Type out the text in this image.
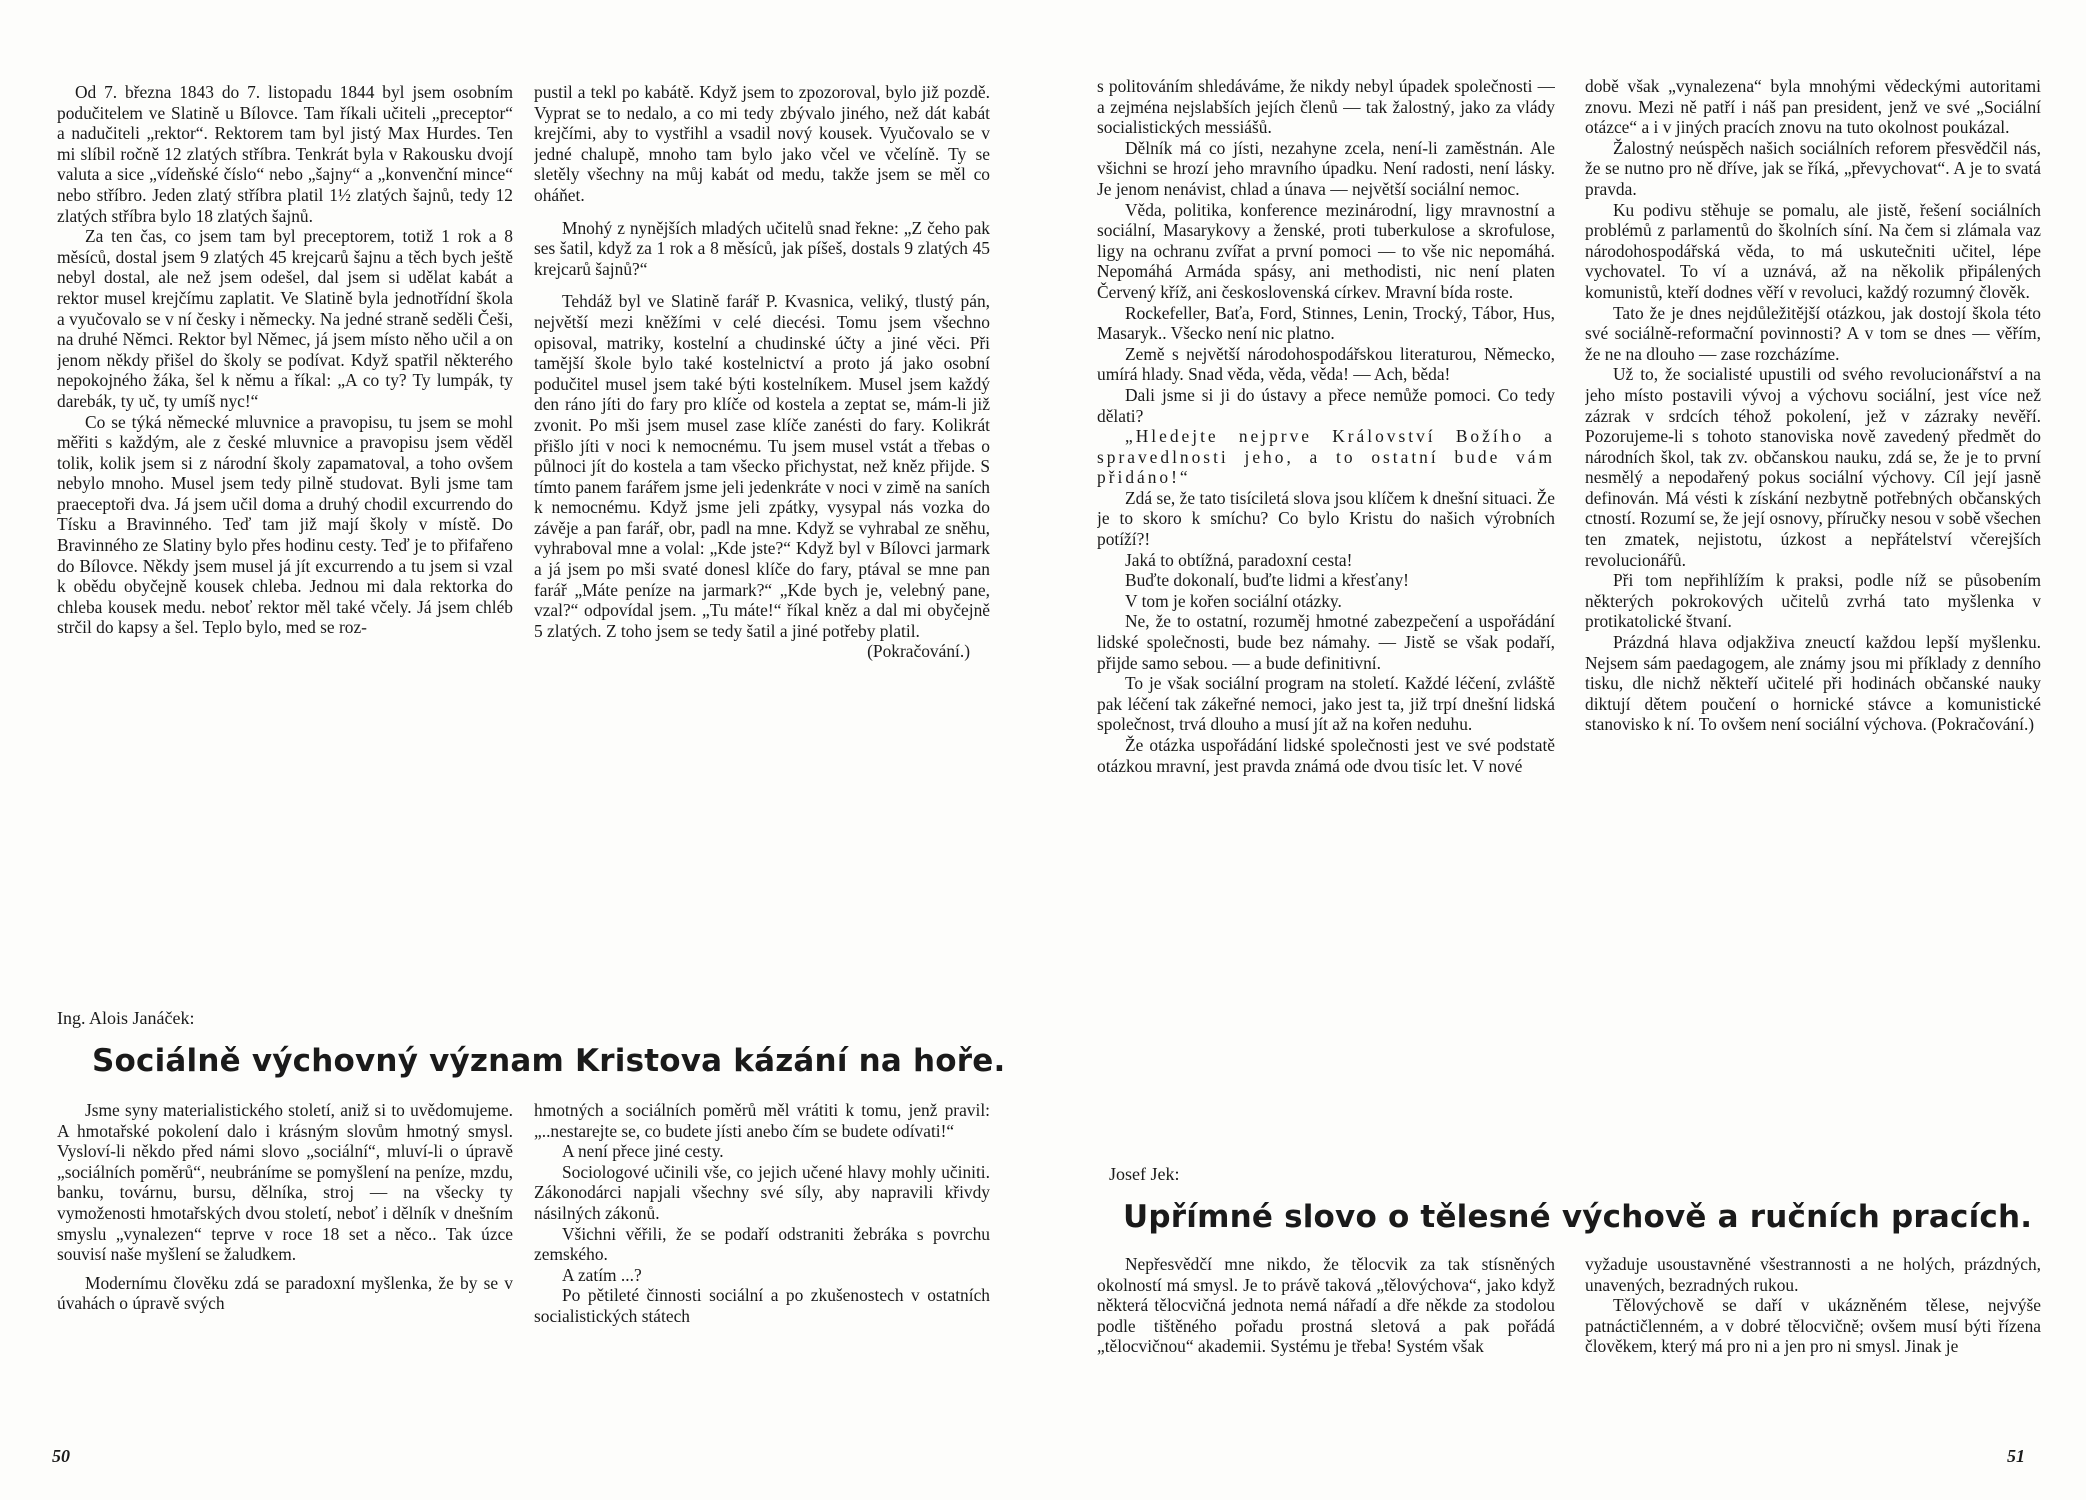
Od 7. března 1843 do 7. listopadu 1844 byl jsem osobním podučitelem ve Slatině u Bílovce. Tam říkali učiteli „preceptor“ a nadučiteli „rektor“. Rektorem tam byl jistý Max Hurdes. Ten mi slíbil ročně 12 zlatých stříbra. Tenkrát byla v Rakousku dvojí valuta a sice „vídeňské číslo“ nebo „šajny“ a „konvenční mince“ nebo stříbro. Jeden zlatý stříbra platil 1½ zlatých šajnů, tedy 12 zlatých stříbra bylo 18 zlatých šajnů.

Za ten čas, co jsem tam byl preceptorem, totiž 1 rok a 8 měsíců, dostal jsem 9 zlatých 45 krejcarů šajnu a těch bych ještě nebyl dostal, ale než jsem odešel, dal jsem si udělat kabát a rektor musel krejčímu zaplatit. Ve Slatině byla jednotřídní škola a vyučovalo se v ní česky i německy. Na jedné straně seděli Češi, na druhé Němci. Rektor byl Němec, já jsem místo něho učil a on jenom někdy přišel do školy se podívat. Když spatřil některého nepokojného žáka, šel k němu a říkal: „A co ty? Ty lumpák, ty darebák, ty uč, ty umíš nyc!“

Co se týká německé mluvnice a pravopisu, tu jsem se mohl měřiti s každým, ale z české mluvnice a pravopisu jsem věděl tolik, kolik jsem si z národní školy zapamatoval, a toho ovšem nebylo mnoho. Musel jsem tedy pilně studovat. Byli jsme tam praeceptoři dva. Já jsem učil doma a druhý chodil excurrendo do Tísku a Bravinného. Teď tam již mají školy v místě. Do Bravinného ze Slatiny bylo přes hodinu cesty. Teď je to přifařeno do Bílovce. Někdy jsem musel já jít excurrendo a tu jsem si vzal k obědu obyčejně kousek chleba. Jednou mi dala rektorka do chleba kousek medu. neboť rektor měl také včely. Já jsem chléb strčil do kapsy a šel. Teplo bylo, med se roz-

pustil a tekl po kabátě. Když jsem to zpozoroval, bylo již pozdě. Vyprat se to nedalo, a co mi tedy zbývalo jiného, než dát kabát krejčími, aby to vystřihl a vsadil nový kousek. Vyučovalo se v jedné chalupě, mnoho tam bylo jako včel ve včelíně. Ty se sletěly všechny na můj kabát od medu, takže jsem se měl co oháňet.

Mnohý z nynějších mladých učitelů snad řekne: „Z čeho pak ses šatil, když za 1 rok a 8 měsíců, jak píšeš, dostals 9 zlatých 45 krejcarů šajnů?“

Tehdáž byl ve Slatině farář P. Kvasnica, veliký, tlustý pán, největší mezi kněžími v celé diecési. Tomu jsem všechno opisoval, matriky, kostelní a chudinské účty a jiné věci. Při tamější škole bylo také kostelnictví a proto já jako osobní podučitel musel jsem také býti kostelníkem. Musel jsem každý den ráno jíti do fary pro klíče od kostela a zeptat se, mám-li již zvonit. Po mši jsem musel zase klíče zanésti do fary. Kolikrát přišlo jíti v noci k nemocnému. Tu jsem musel vstát a třebas o půlnoci jít do kostela a tam všecko přichystat, než kněz přijde. S tímto panem farářem jsme jeli jedenkráte v noci v zimě na saních k nemocnému. Když jsme jeli zpátky, vysypal nás vozka do závěje a pan farář, obr, padl na mne. Když se vyhrabal ze sněhu, vyhraboval mne a volal: „Kde jste?“ Když byl v Bílovci jarmark a já jsem po mši svaté donesl klíče do fary, ptával se mne pan farář „Máte peníze na jarmark?“ „Kde bych je, velebný pane, vzal?“ odpovídal jsem. „Tu máte!“ říkal kněz a dal mi obyčejně 5 zlatých. Z toho jsem se tedy šatil a jiné potřeby platil.

(Pokračování.)

Ing. Alois Janáček:
Sociálně výchovný význam Kristova kázání na hoře.

Jsme syny materialistického století, aniž si to uvědomujeme. A hmotařské pokolení dalo i krásným slovům hmotný smysl. Vysloví-li někdo před námi slovo „sociální“, mluví-li o úpravě „sociálních poměrů“, neubráníme se pomyšlení na peníze, mzdu, banku, továrnu, bursu, dělníka, stroj — na všecky ty vymoženosti hmotařských dvou století, neboť i dělník v dnešním smyslu „vynalezen“ teprve v roce 18 set a něco.. Tak úzce souvisí naše myšlení se žaludkem.

Modernímu člověku zdá se paradoxní myšlenka, že by se v úvahách o úpravě svých

hmotných a sociálních poměrů měl vrátiti k tomu, jenž pravil: „..nestarejte se, co budete jísti anebo čím se budete odívati!“

A není přece jiné cesty.

Sociologové učinili vše, co jejich učené hlavy mohly učiniti. Zákonodárci napjali všechny své síly, aby napravili křivdy násilných zákonů.

Všichni věřili, že se podaří odstraniti žebráka s povrchu zemského.

A zatím ...?

Po pětileté činnosti sociální a po zkušenostech v ostatních socialistických státech

50

s politováním shledáváme, že nikdy nebyl úpadek společnosti — a zejména nejslabších jejích členů — tak žalostný, jako za vlády socialistických messiášů.

Dělník má co jísti, nezahyne zcela, není-li zaměstnán. Ale všichni se hrozí jeho mravního úpadku. Není radosti, není lásky. Je jenom nenávist, chlad a únava — největší sociální nemoc.

Věda, politika, konference mezinárodní, ligy mravnostní a sociální, Masarykovy a ženské, proti tuberkulose a skrofulose, ligy na ochranu zvířat a první pomoci — to vše nic nepomáhá. Nepomáhá Armáda spásy, ani methodisti, nic není platen Červený kříž, ani československá církev. Mravní bída roste.

Rockefeller, Baťa, Ford, Stinnes, Lenin, Trocký, Tábor, Hus, Masaryk.. Všecko není nic platno.

Země s největší národohospodářskou literaturou, Německo, umírá hlady. Snad věda, věda, věda! — Ach, běda!

Dali jsme si ji do ústavy a přece nemůže pomoci. Co tedy dělati?

„Hledejte nejprve Království Božího a spravedlnosti jeho, a to ostatní bude vám přidáno!“

Zdá se, že tato tisíciletá slova jsou klíčem k dnešní situaci. Že je to skoro k smíchu? Co bylo Kristu do našich výrobních potíží?!

Jaká to obtížná, paradoxní cesta!

Buďte dokonalí, buďte lidmi a křesťany!

V tom je kořen sociální otázky.

Ne, že to ostatní, rozuměj hmotné zabezpečení a uspořádání lidské společnosti, bude bez námahy. — Jistě se však podaří, přijde samo sebou. — a bude definitivní.

To je však sociální program na století. Každé léčení, zvláště pak léčení tak zákeřné nemoci, jako jest ta, již trpí dnešní lidská společnost, trvá dlouho a musí jít až na kořen neduhu.

Že otázka uspořádání lidské společnosti jest ve své podstatě otázkou mravní, jest pravda známá ode dvou tisíc let. V nové

době však „vynalezena“ byla mnohými vědeckými autoritami znovu. Mezi ně patří i náš pan president, jenž ve své „Sociální otázce“ a i v jiných pracích znovu na tuto okolnost poukázal.

Žalostný neúspěch našich sociálních reforem přesvědčil nás, že se nutno pro ně dříve, jak se říká, „převychovat“. A je to svatá pravda.

Ku podivu stěhuje se pomalu, ale jistě, řešení sociálních problémů z parlamentů do školních síní. Na čem si zlámala vaz národohospodářská věda, to má uskutečniti učitel, lépe vychovatel. To ví a uznává, až na několik připálených komunistů, kteří dodnes věří v revoluci, každý rozumný člověk.

Tato že je dnes nejdůležitější otázkou, jak dostojí škola této své sociálně-reformační povinnosti? A v tom se dnes — věřím, že ne na dlouho — zase rozcházíme.

Už to, že socialisté upustili od svého revolucionářství a na jeho místo postavili vývoj a výchovu sociální, jest více než zázrak v srdcích téhož pokolení, jež v zázraky nevěří. Pozorujeme-li s tohoto stanoviska nově zavedený předmět do národních škol, tak zv. občanskou nauku, zdá se, že je to první nesmělý a nepodařený pokus sociální výchovy. Cíl její jasně definován. Má vésti k získání nezbytně potřebných občanských ctností. Rozumí se, že její osnovy, příručky nesou v sobě všechen ten zmatek, nejistotu, úzkost a nepřátelství včerejších revolucionářů.

Při tom nepřihlížím k praksi, podle níž se působením některých pokrokových učitelů zvrhá tato myšlenka v protikatolické štvaní.

Prázdná hlava odjakživa zneuctí každou lepší myšlenku. Nejsem sám paedagogem, ale známy jsou mi příklady z denního tisku, dle nichž někteří učitelé při hodinách občanské nauky diktují dětem poučení o hornické stávce a komunistické stanovisko k ní. To ovšem není sociální výchova. (Pokračování.)

Josef Jek:
Upřímné slovo o tělesné výchově a ručních pracích.

Nepřesvědčí mne nikdo, že tělocvik za tak stísněných okolností má smysl. Je to právě taková „tělovýchova“, jako když některá tělocvičná jednota nemá nářadí a dře někde za stodolou podle tištěného pořadu prostná sletová a pak pořádá „tělocvičnou“ akademii. Systému je třeba! Systém však

vyžaduje usoustavněné všestrannosti a ne holých, prázdných, unavených, bezradných rukou.

Tělovýchově se daří v ukázněném tělese, nejvýše patnáctičlenném, a v dobré tělocvičně; ovšem musí býti řízena člověkem, který má pro ni a jen pro ni smysl. Jinak je

51
